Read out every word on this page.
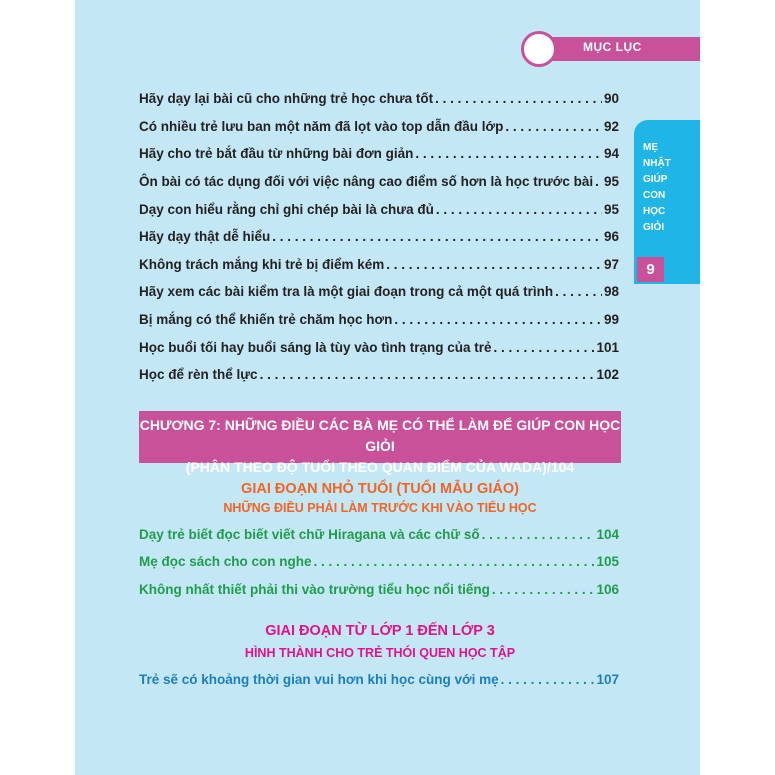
MỤC LỤC
MẸ
NHẬT
GIÚP
CON
HỌC
GIỎI
9
Hãy dạy lại bài cũ cho những trẻ học chưa tốt . . .	90
Có nhiều trẻ lưu ban một năm đã lọt vào top dẫn đầu lớp . . .	92
Hãy cho trẻ bắt đầu từ những bài đơn giản . . .	94
Ôn bài có tác dụng đối với việc nâng cao điểm số hơn là học trước bài . . . 95
Dạy con hiểu rằng chỉ ghi chép bài là chưa đủ . . .	95
Hãy dạy thật dễ hiểu . . .	96
Không trách mắng khi trẻ bị điểm kém . . .	97
Hãy xem các bài kiểm tra là một giai đoạn trong cả một quá trình . . .	98
Bị mắng có thể khiến trẻ chăm học hơn . . .	99
Học buổi tối hay buổi sáng là tùy vào tình trạng của trẻ . . .	101
Học để rèn thể lực . . .	102
CHƯƠNG 7: NHỮNG ĐIỀU CÁC BÀ MẸ CÓ THỂ LÀM ĐỂ GIÚP CON HỌC GIỎI
(PHÂN THEO ĐỘ TUỔI THEO QUAN ĐIỂM CỦA WADA)/104
GIAI ĐOẠN NHỎ TUỔI (TUỔI MẪU GIÁO)
NHỮNG ĐIỀU PHẢI LÀM TRƯỚC KHI VÀO TIỂU HỌC
Dạy trẻ biết đọc biết viết chữ Hiragana và các chữ số . . .	104
Mẹ đọc sách cho con nghe . . .	105
Không nhất thiết phải thi vào trường tiểu học nổi tiếng . . .	106
GIAI ĐOẠN TỪ LỚP 1 ĐẾN LỚP 3
HÌNH THÀNH CHO TRẺ THÓI QUEN HỌC TẬP
Trẻ sẽ có khoảng thời gian vui hơn khi học cùng với mẹ . . .	107
